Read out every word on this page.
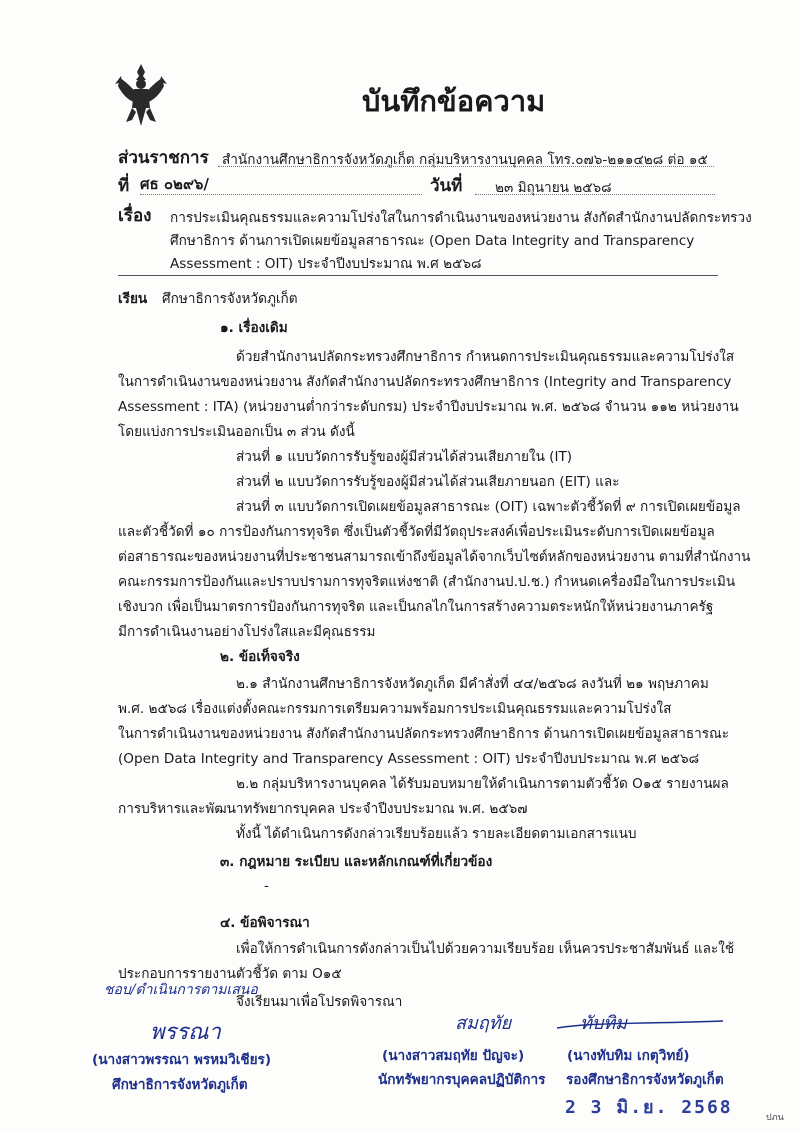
บันทึกข้อความ
ส่วนราชการ สำนักงานศึกษาธิการจังหวัดภูเก็ต กลุ่มบริหารงานบุคคล โทร.๐๗๖-๒๑๑๔๒๘ ต่อ ๑๕
ที่ ศธ ๐๒๙๖/	วันที่ ๒๓ มิถุนายน ๒๕๖๘
เรื่อง การประเมินคุณธรรมและความโปร่งใสในการดำเนินงานของหน่วยงาน สังกัดสำนักงานปลัดกระทรวง
ศึกษาธิการ ด้านการเปิดเผยข้อมูลสาธารณะ (Open Data Integrity and Transparency
Assessment : OIT) ประจำปีงบประมาณ พ.ศ ๒๕๖๘
เรียน ศึกษาธิการจังหวัดภูเก็ต
๑. เรื่องเดิม
ด้วยสำนักงานปลัดกระทรวงศึกษาธิการ กำหนดการประเมินคุณธรรมและความโปร่งใส
ในการดำเนินงานของหน่วยงาน สังกัดสำนักงานปลัดกระทรวงศึกษาธิการ (Integrity and Transparency
Assessment : ITA) (หน่วยงานต่ำกว่าระดับกรม) ประจำปีงบประมาณ พ.ศ. ๒๕๖๘ จำนวน ๑๑๒ หน่วยงาน
โดยแบ่งการประเมินออกเป็น ๓ ส่วน ดังนี้
ส่วนที่ ๑ แบบวัดการรับรู้ของผู้มีส่วนได้ส่วนเสียภายใน (IT)
ส่วนที่ ๒ แบบวัดการรับรู้ของผู้มีส่วนได้ส่วนเสียภายนอก (EIT) และ
ส่วนที่ ๓ แบบวัดการเปิดเผยข้อมูลสาธารณะ (OIT) เฉพาะตัวชี้วัดที่ ๙ การเปิดเผยข้อมูล
และตัวชี้วัดที่ ๑๐ การป้องกันการทุจริต ซึ่งเป็นตัวชี้วัดที่มีวัตถุประสงค์เพื่อประเมินระดับการเปิดเผยข้อมูล
ต่อสาธารณะของหน่วยงานที่ประชาชนสามารถเข้าถึงข้อมูลได้จากเว็บไซต์หลักของหน่วยงาน ตามที่สำนักงาน
คณะกรรมการป้องกันและปราบปรามการทุจริตแห่งชาติ (สำนักงานป.ป.ช.) กำหนดเครื่องมือในการประเมิน
เชิงบวก เพื่อเป็นมาตรการป้องกันการทุจริต และเป็นกลไกในการสร้างความตระหนักให้หน่วยงานภาครัฐ
มีการดำเนินงานอย่างโปร่งใสและมีคุณธรรม
๒. ข้อเท็จจริง
๒.๑ สำนักงานศึกษาธิการจังหวัดภูเก็ต มีคำสั่งที่ ๔๔/๒๕๖๘ ลงวันที่ ๒๑ พฤษภาคม
พ.ศ. ๒๕๖๘ เรื่องแต่งตั้งคณะกรรมการเตรียมความพร้อมการประเมินคุณธรรมและความโปร่งใส
ในการดำเนินงานของหน่วยงาน สังกัดสำนักงานปลัดกระทรวงศึกษาธิการ ด้านการเปิดเผยข้อมูลสาธารณะ
(Open Data Integrity and Transparency Assessment : OIT) ประจำปีงบประมาณ พ.ศ ๒๕๖๘
๒.๒ กลุ่มบริหารงานบุคคล ได้รับมอบหมายให้ดำเนินการตามตัวชี้วัด O๑๕ รายงานผล
การบริหารและพัฒนาทรัพยากรบุคคล ประจำปีงบประมาณ พ.ศ. ๒๕๖๗
ทั้งนี้ ได้ดำเนินการดังกล่าวเรียบร้อยแล้ว รายละเอียดตามเอกสารแนบ
๓. กฎหมาย ระเบียบ และหลักเกณฑ์ที่เกี่ยวข้อง
-
๔. ข้อพิจารณา
เพื่อให้การดำเนินการดังกล่าวเป็นไปด้วยความเรียบร้อย เห็นควรประชาสัมพันธ์ และใช้
ประกอบการรายงานตัวชี้วัด ตาม O๑๕
ชอบ/ดำเนินการตามเสนอ
จึงเรียนมาเพื่อโปรดพิจารณา
พรรณา	สมฤทัย	ทับทิม
(นางสาวพรรณา พรหมวิเชียร)
ศึกษาธิการจังหวัดภูเก็ต
(นางสาวสมฤทัย ปัญจะ)
นักทรัพยากรบุคคลปฏิบัติการ
(นางทับทิม เกตุวิทย์)
รองศึกษาธิการจังหวัดภูเก็ต
2 3 มิ.ย. 2568	ปภน
